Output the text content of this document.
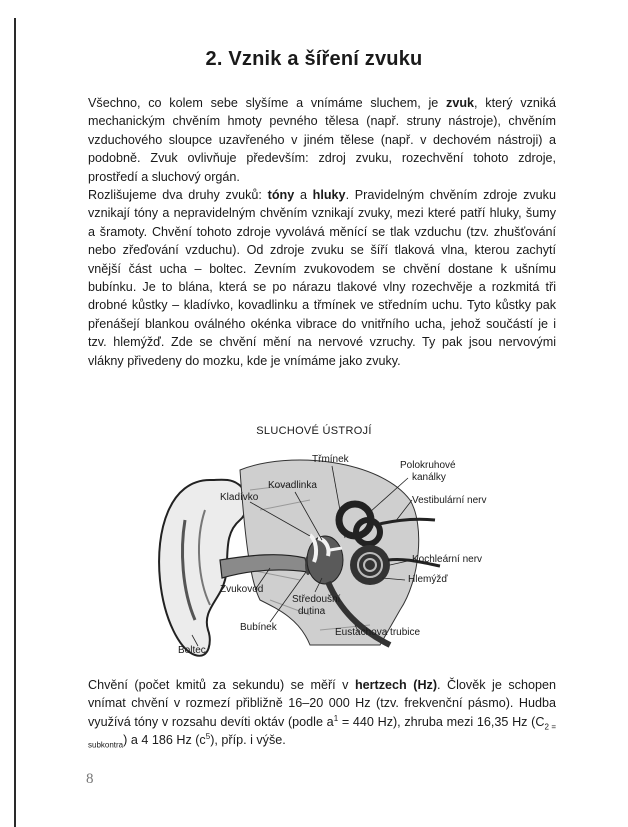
2. Vznik a šíření zvuku

Všechno, co kolem sebe slyšíme a vnímáme sluchem, je zvuk, který vzniká mechanickým chvěním hmoty pevného tělesa (např. struny nástroje), chvěním vzduchového sloupce uzavřeného v jiném tělese (např. v dechovém nástroji) a podobně. Zvuk ovlivňuje především: zdroj zvuku, rozechvění tohoto zdroje, prostředí a sluchový orgán.

Rozlišujeme dva druhy zvuků: tóny a hluky. Pravidelným chvěním zdroje zvuku vznikají tóny a nepravidelným chvěním vznikají zvuky, mezi které patří hluky, šumy a šramoty. Chvění tohoto zdroje vyvolává měnící se tlak vzduchu (tzv. zhušťování nebo zřeďování vzduchu). Od zdroje zvuku se šíří tlaková vlna, kterou zachytí vnější část ucha – boltec. Zevním zvukovodem se chvění dostane k ušnímu bubínku. Je to blána, která se po nárazu tlakové vlny rozechvěje a rozkmitá tři drobné kůstky – kladívko, kovadlinku a třmínek ve středním uchu. Tyto kůstky pak přenášejí blankou oválného okénka vibrace do vnitřního ucha, jehož součástí je i tzv. hlemýžď. Zde se chvění mění na nervové vzruchy. Ty pak jsou nervovými vlákny přivedeny do mozku, kde je vnímáme jako zvuky.

SLUCHOVÉ ÚSTROJÍ
Třmínek
Polokruhové
kanálky
Kovadlinka
Kladívko	Vestibulární nerv
Kochleární nerv
Hlemýžď
Zvukovod
Středoušní
dutina
Bubínek	Eustachova trubice
Boltec

Chvění (počet kmitů za sekundu) se měří v hertzech (Hz). Člověk je schopen vnímat chvění v rozmezí přibližně 16–20 000 Hz (tzv. frekvenční pásmo). Hudba využívá tóny v rozsahu devíti oktáv (podle $a^1 = 440$ Hz), zhruba mezi 16,35 Hz $(C_{2 = subkontra})$ a 4 186 Hz $(c^5)$, příp. i výše.

8
